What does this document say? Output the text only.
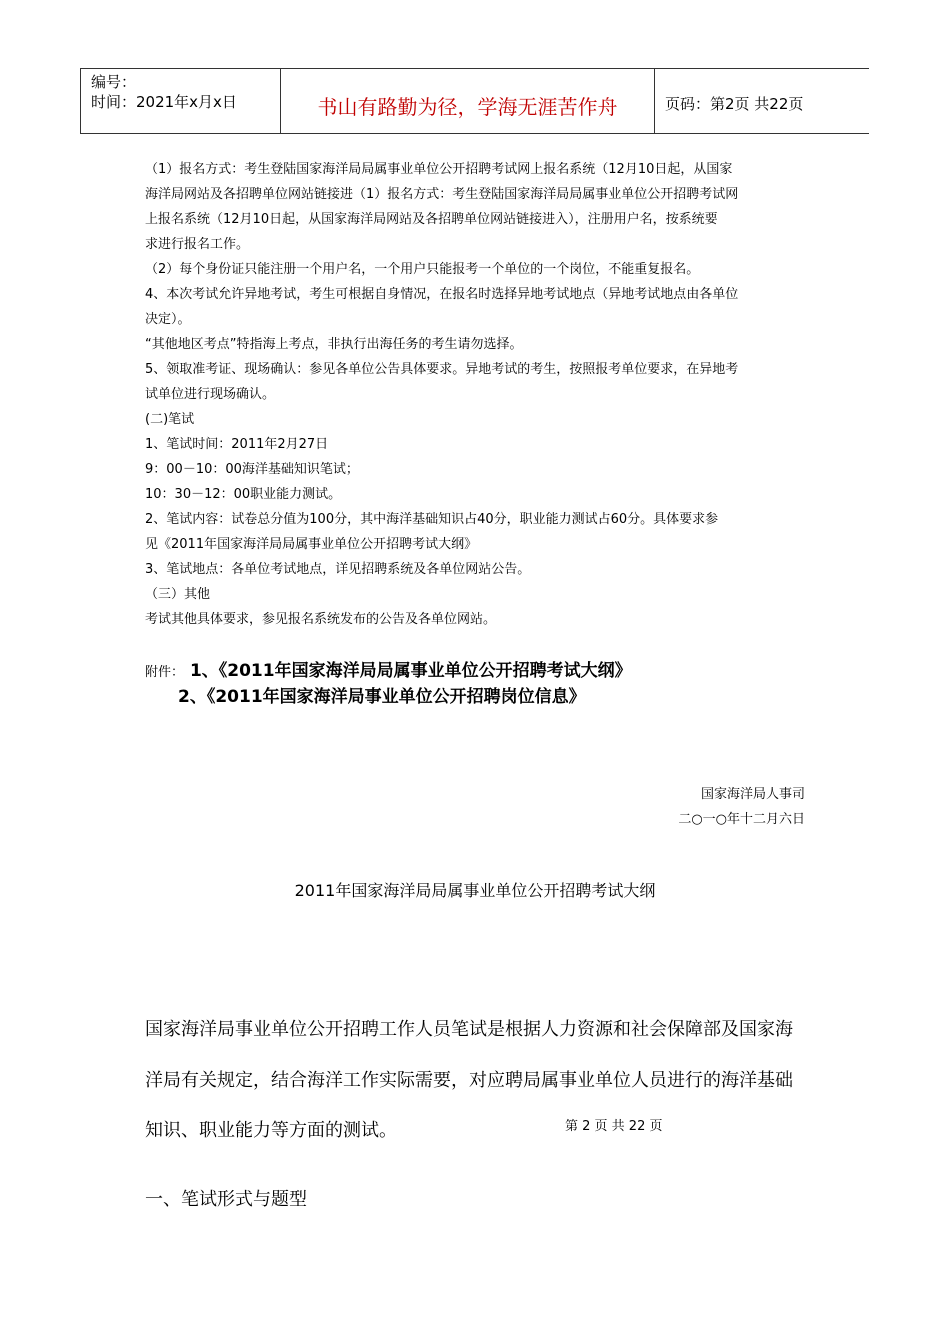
编号：
时间：2021年x月x日	书山有路勤为径，学海无涯苦作舟	页码：第2页 共22页
（1）报名方式：考生登陆国家海洋局局属事业单位公开招聘考试网上报名系统（12月10日起，从国家
海洋局网站及各招聘单位网站链接进（1）报名方式：考生登陆国家海洋局局属事业单位公开招聘考试网
上报名系统（12月10日起，从国家海洋局网站及各招聘单位网站链接进入），注册用户名，按系统要
求进行报名工作。
（2）每个身份证只能注册一个用户名，一个用户只能报考一个单位的一个岗位，不能重复报名。
4、本次考试允许异地考试，考生可根据自身情况，在报名时选择异地考试地点（异地考试地点由各单位
决定）。
“其他地区考点”特指海上考点，非执行出海任务的考生请勿选择。
5、领取准考证、现场确认：参见各单位公告具体要求。异地考试的考生，按照报考单位要求，在异地考
试单位进行现场确认。
(二)笔试
1、笔试时间：2011年2月27日
9：00－10：00海洋基础知识笔试；
10：30－12：00职业能力测试。
2、笔试内容：试卷总分值为100分，其中海洋基础知识占40分，职业能力测试占60分。具体要求参
见《2011年国家海洋局局属事业单位公开招聘考试大纲》
3、笔试地点：各单位考试地点，详见招聘系统及各单位网站公告。
（三）其他
考试其他具体要求，参见报名系统发布的公告及各单位网站。
附件： 1、《2011年国家海洋局局属事业单位公开招聘考试大纲》
2、《2011年国家海洋局事业单位公开招聘岗位信息》
国家海洋局人事司
二○一○年十二月六日
2011年国家海洋局局属事业单位公开招聘考试大纲
国家海洋局事业单位公开招聘工作人员笔试是根据人力资源和社会保障部及国家海
洋局有关规定，结合海洋工作实际需要，对应聘局属事业单位人员进行的海洋基础
知识、职业能力等方面的测试。	第 2 页 共 22 页
一、笔试形式与题型
